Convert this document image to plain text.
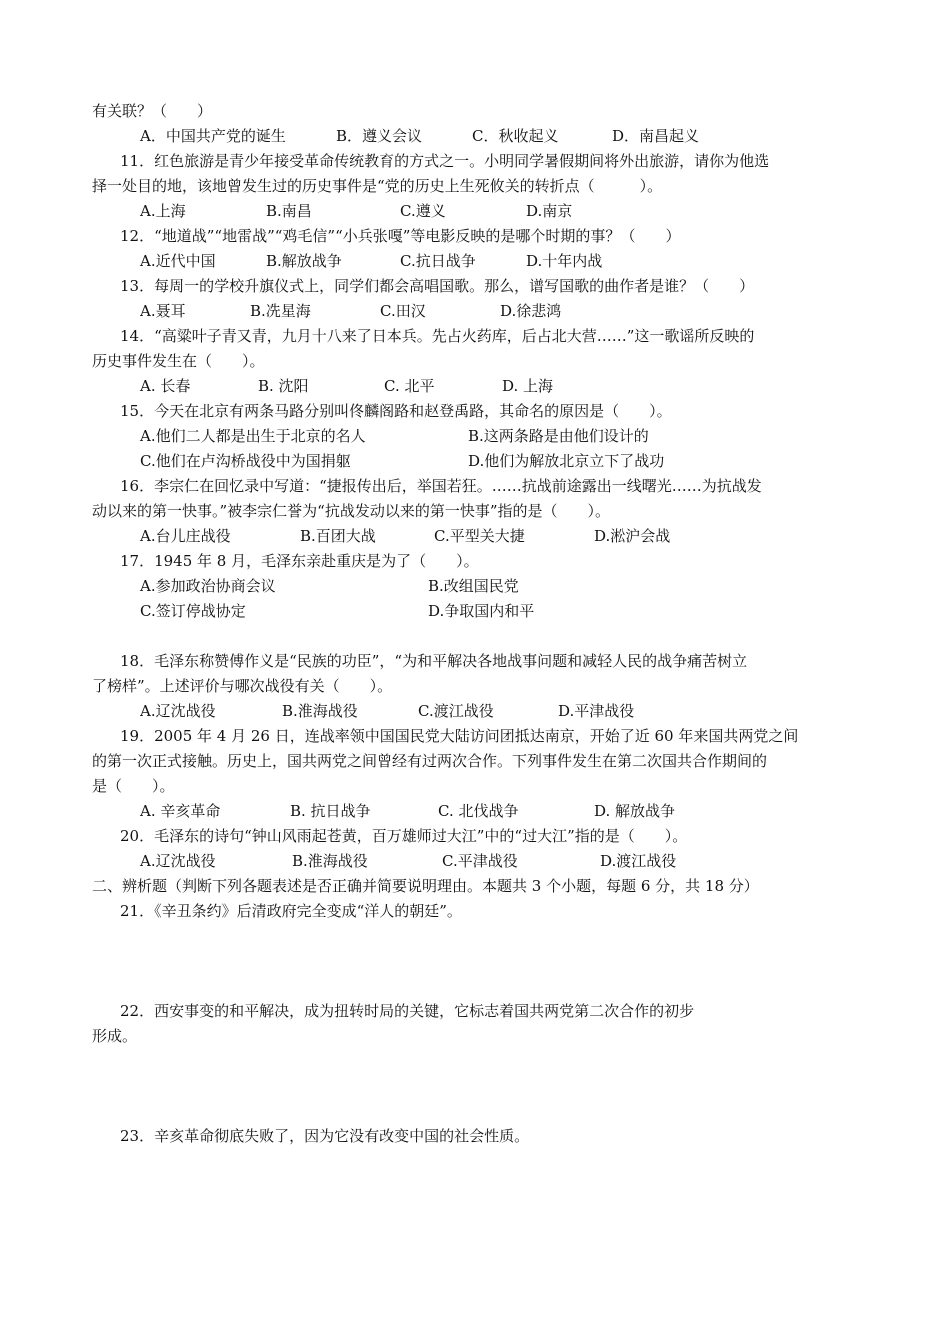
有关联？（　　）
A．中国共产党的诞生	B．遵义会议	C．秋收起义	D．南昌起义
11．红色旅游是青少年接受革命传统教育的方式之一。小明同学暑假期间将外出旅游，请你为他选
择一处目的地，该地曾发生过的历史事件是“党的历史上生死攸关的转折点（　　　）。
A.上海	B.南昌	C.遵义	D.南京
12．“地道战”“地雷战”“鸡毛信”“小兵张嘎”等电影反映的是哪个时期的事？（　　）
A.近代中国	B.解放战争	C.抗日战争	D.十年内战
13．每周一的学校升旗仪式上，同学们都会高唱国歌。那么，谱写国歌的曲作者是谁？（　　）
A.聂耳	B.冼星海	C.田汉	D.徐悲鸿
14．“高粱叶子青又青，九月十八来了日本兵。先占火药库，后占北大营……”这一歌谣所反映的
历史事件发生在（　　）。
A. 长春	B. 沈阳	C. 北平	D. 上海
15．今天在北京有两条马路分别叫佟麟阁路和赵登禹路，其命名的原因是（　　）。
A.他们二人都是出生于北京的名人	B.这两条路是由他们设计的
C.他们在卢沟桥战役中为国捐躯	D.他们为解放北京立下了战功
16．李宗仁在回忆录中写道：“捷报传出后，举国若狂。……抗战前途露出一线曙光……为抗战发
动以来的第一快事。”被李宗仁誉为“抗战发动以来的第一快事”指的是（　　）。
A.台儿庄战役	B.百团大战	C.平型关大捷	D.淞沪会战
17．1945 年 8 月，毛泽东亲赴重庆是为了（　　）。
A.参加政治协商会议	B.改组国民党
C.签订停战协定	D.争取国内和平
18．毛泽东称赞傅作义是“民族的功臣”，“为和平解决各地战事问题和减轻人民的战争痛苦树立
了榜样”。上述评价与哪次战役有关（　　）。
A.辽沈战役	B.淮海战役	C.渡江战役	D.平津战役
19．2005 年 4 月 26 日，连战率领中国国民党大陆访问团抵达南京，开始了近 60 年来国共两党之间
的第一次正式接触。历史上，国共两党之间曾经有过两次合作。下列事件发生在第二次国共合作期间的
是（　　）。
A. 辛亥革命	B. 抗日战争	C. 北伐战争	D. 解放战争
20．毛泽东的诗句“钟山风雨起苍黄，百万雄师过大江”中的“过大江”指的是（　　）。
A.辽沈战役	B.淮海战役	C.平津战役	D.渡江战役
二、辨析题（判断下列各题表述是否正确并简要说明理由。本题共 3 个小题，每题 6 分，共 18 分）
21．《辛丑条约》后清政府完全变成“洋人的朝廷”。
22．西安事变的和平解决，成为扭转时局的关键，它标志着国共两党第二次合作的初步
形成。
23．辛亥革命彻底失败了，因为它没有改变中国的社会性质。
